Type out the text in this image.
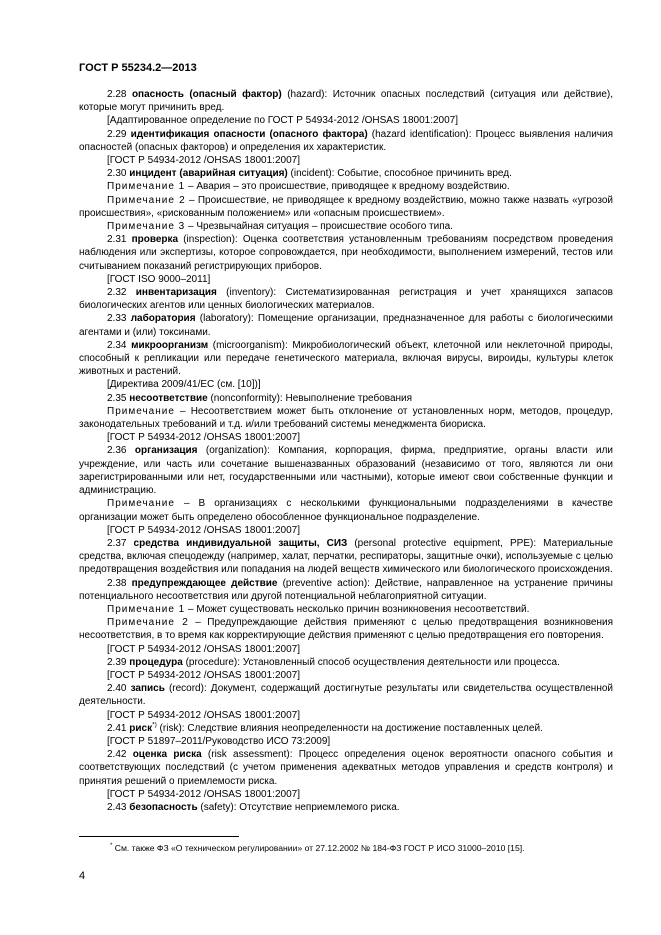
ГОСТ Р 55234.2—2013

2.28 опасность (опасный фактор) (hazard): Источник опасных последствий (ситуация или действие), которые могут причинить вред.

[Адаптированное определение по ГОСТ Р 54934-2012 /OHSAS 18001:2007]

2.29 идентификация опасности (опасного фактора) (hazard identification): Процесс выявления наличия опасностей (опасных факторов) и определения их характеристик.

[ГОСТ Р 54934-2012 /OHSAS 18001:2007]

2.30 инцидент (аварийная ситуация) (incident): Событие, способное причинить вред.

Примечание 1 – Авария – это происшествие, приводящее к вредному воздействию.

Примечание 2 – Происшествие, не приводящее к вредному воздействию, можно также назвать «угрозой происшествия», «рискованным положением» или «опасным происшествием».

Примечание 3 – Чрезвычайная ситуация – происшествие особого типа.

2.31 проверка (inspection): Оценка соответствия установленным требованиям посредством проведения наблюдения или экспертизы, которое сопровождается, при необходимости, выполнением измерений, тестов или считыванием показаний регистрирующих приборов.

[ГОСТ ISO 9000–2011]

2.32 инвентаризация (inventory): Систематизированная регистрация и учет хранящихся запасов биологических агентов или ценных биологических материалов.

2.33 лаборатория (laboratory): Помещение организации, предназначенное для работы с биологическими агентами и (или) токсинами.

2.34 микроорганизм (microorganism): Микробиологический объект, клеточной или неклеточной природы, способный к репликации или передаче генетического материала, включая вирусы, вироиды, культуры клеток животных и растений.

[Директива 2009/41/ЕС (см. [10])]

2.35 несоответствие (nonconformity): Невыполнение требования

Примечание – Несоответствием может быть отклонение от установленных норм, методов, процедур, законодательных требований и т.д. и/или требований системы менеджмента биориска.

[ГОСТ Р 54934-2012 /OHSAS 18001:2007]

2.36 организация (organization): Компания, корпорация, фирма, предприятие, органы власти или учреждение, или часть или сочетание вышеназванных образований (независимо от того, являются ли они зарегистрированными или нет, государственными или частными), которые имеют свои собственные функции и администрацию.

Примечание – В организациях с несколькими функциональными подразделениями в качестве организации может быть определено обособленное функциональное подразделение.

[ГОСТ Р 54934-2012 /OHSAS 18001:2007]

2.37 средства индивидуальной защиты, СИЗ (personal protective equipment, PPE): Материальные средства, включая спецодежду (например, халат, перчатки, респираторы, защитные очки), используемые с целью предотвращения воздействия или попадания на людей веществ химического или биологического происхождения.

2.38 предупреждающее действие (preventive action): Действие, направленное на устранение причины потенциального несоответствия или другой потенциальной неблагоприятной ситуации.

Примечание 1 – Может существовать несколько причин возникновения несоответствий.

Примечание 2 – Предупреждающие действия применяют с целью предотвращения возникновения несоответствия, в то время как корректирующие действия применяют с целью предотвращения его повторения.

[ГОСТ Р 54934-2012 /OHSAS 18001:2007]

2.39 процедура (procedure): Установленный способ осуществления деятельности или процесса.

[ГОСТ Р 54934-2012 /OHSAS 18001:2007]

2.40 запись (record): Документ, содержащий достигнутые результаты или свидетельства осуществленной деятельности.

[ГОСТ Р 54934-2012 /OHSAS 18001:2007]

2.41 риск*) (risk): Следствие влияния неопределенности на достижение поставленных целей.

[ГОСТ Р 51897–2011/Руководство ИСО 73:2009]

2.42 оценка риска (risk assessment): Процесс определения оценок вероятности опасного события и соответствующих последствий (с учетом применения адекватных методов управления и средств контроля) и принятия решений о приемлемости риска.

[ГОСТ Р 54934-2012 /OHSAS 18001:2007]

2.43 безопасность (safety): Отсутствие неприемлемого риска.

* См. также ФЗ «О техническом регулировании» от 27.12.2002 № 184-ФЗ ГОСТ Р ИСО 31000–2010 [15].
4
